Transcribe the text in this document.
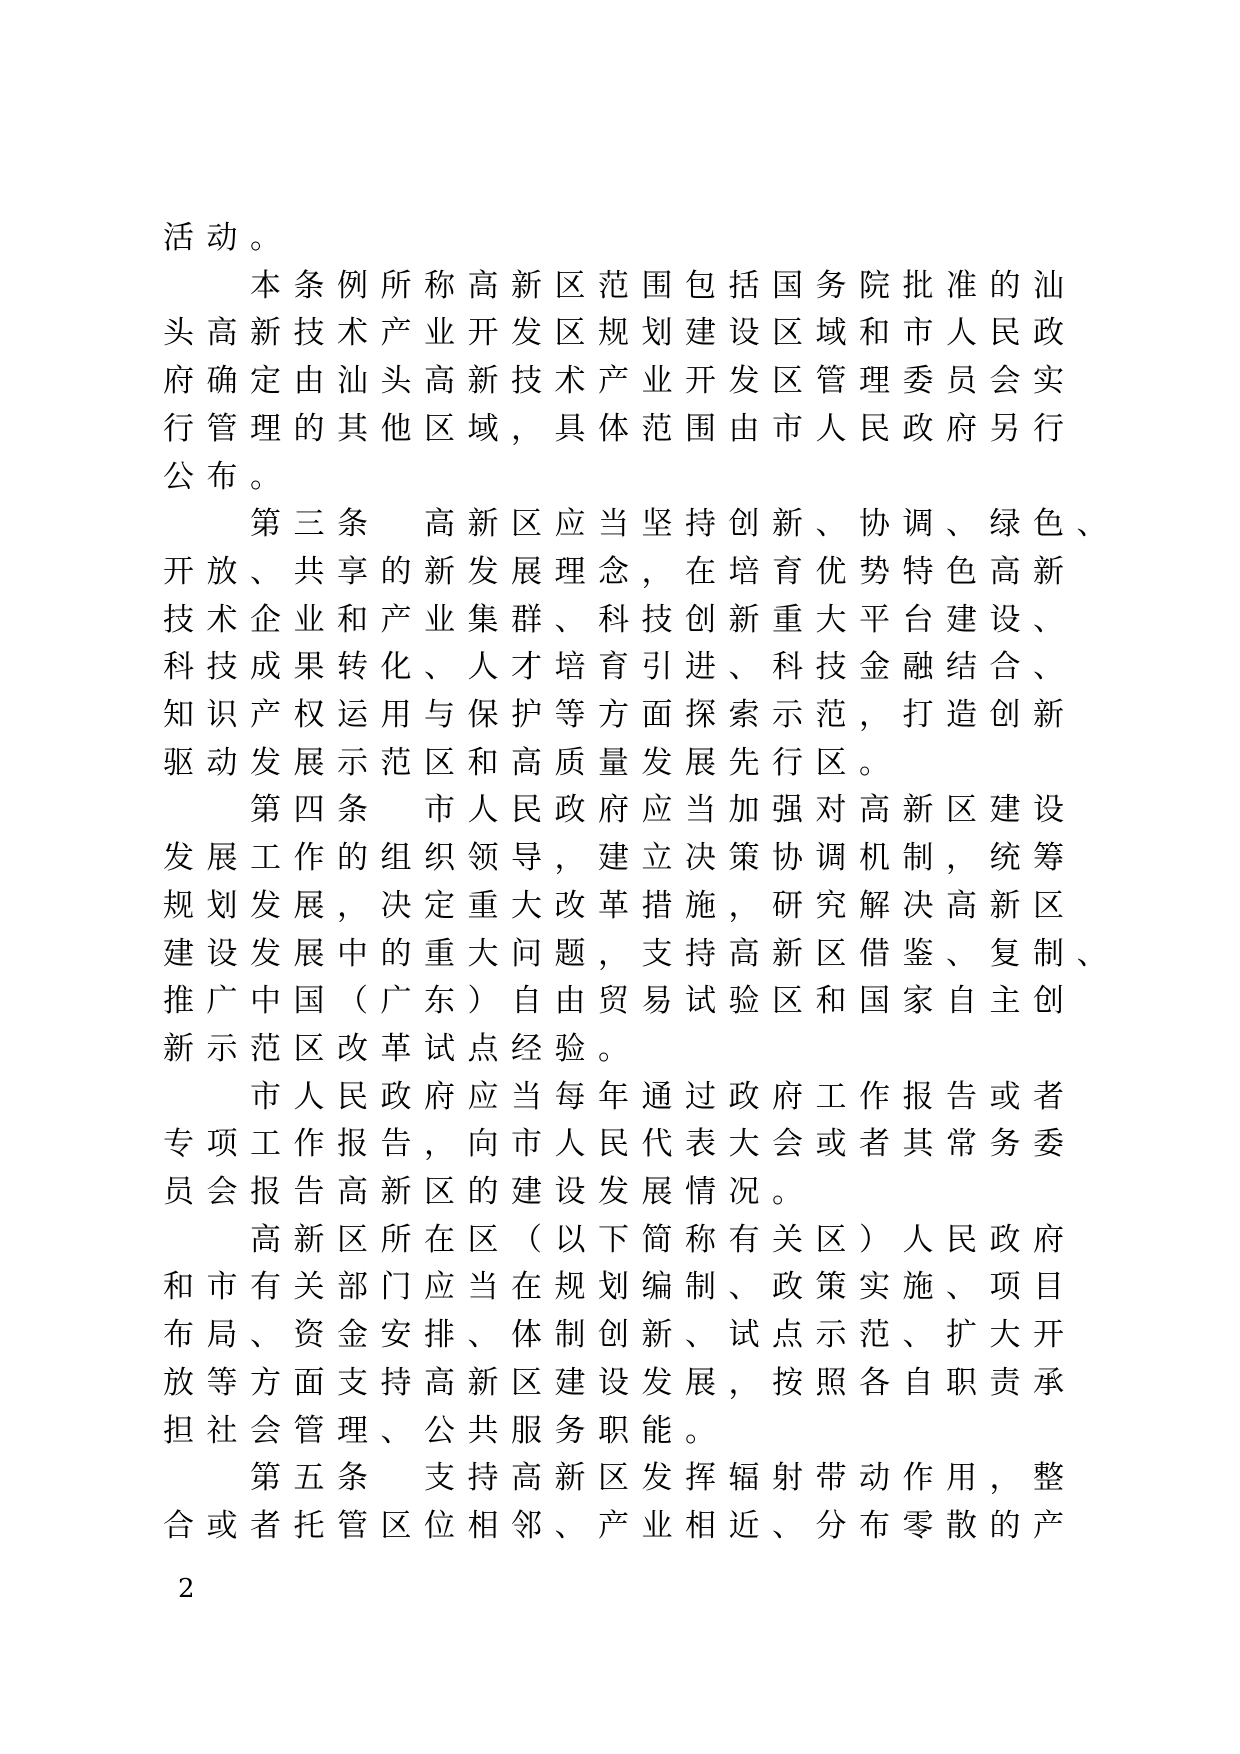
活动。
本条例所称高新区范围包括国务院批准的汕
头高新技术产业开发区规划建设区域和市人民政
府确定由汕头高新技术产业开发区管理委员会实
行管理的其他区域，具体范围由市人民政府另行
公布。
第三条　高新区应当坚持创新、协调、绿色、
开放、共享的新发展理念，在培育优势特色高新
技术企业和产业集群、科技创新重大平台建设、
科技成果转化、人才培育引进、科技金融结合、
知识产权运用与保护等方面探索示范，打造创新
驱动发展示范区和高质量发展先行区。
第四条　市人民政府应当加强对高新区建设
发展工作的组织领导，建立决策协调机制，统筹
规划发展，决定重大改革措施，研究解决高新区
建设发展中的重大问题，支持高新区借鉴、复制、
推广中国（广东）自由贸易试验区和国家自主创
新示范区改革试点经验。
市人民政府应当每年通过政府工作报告或者
专项工作报告，向市人民代表大会或者其常务委
员会报告高新区的建设发展情况。
高新区所在区（以下简称有关区）人民政府
和市有关部门应当在规划编制、政策实施、项目
布局、资金安排、体制创新、试点示范、扩大开
放等方面支持高新区建设发展，按照各自职责承
担社会管理、公共服务职能。
第五条　支持高新区发挥辐射带动作用，整
合或者托管区位相邻、产业相近、分布零散的产
2
